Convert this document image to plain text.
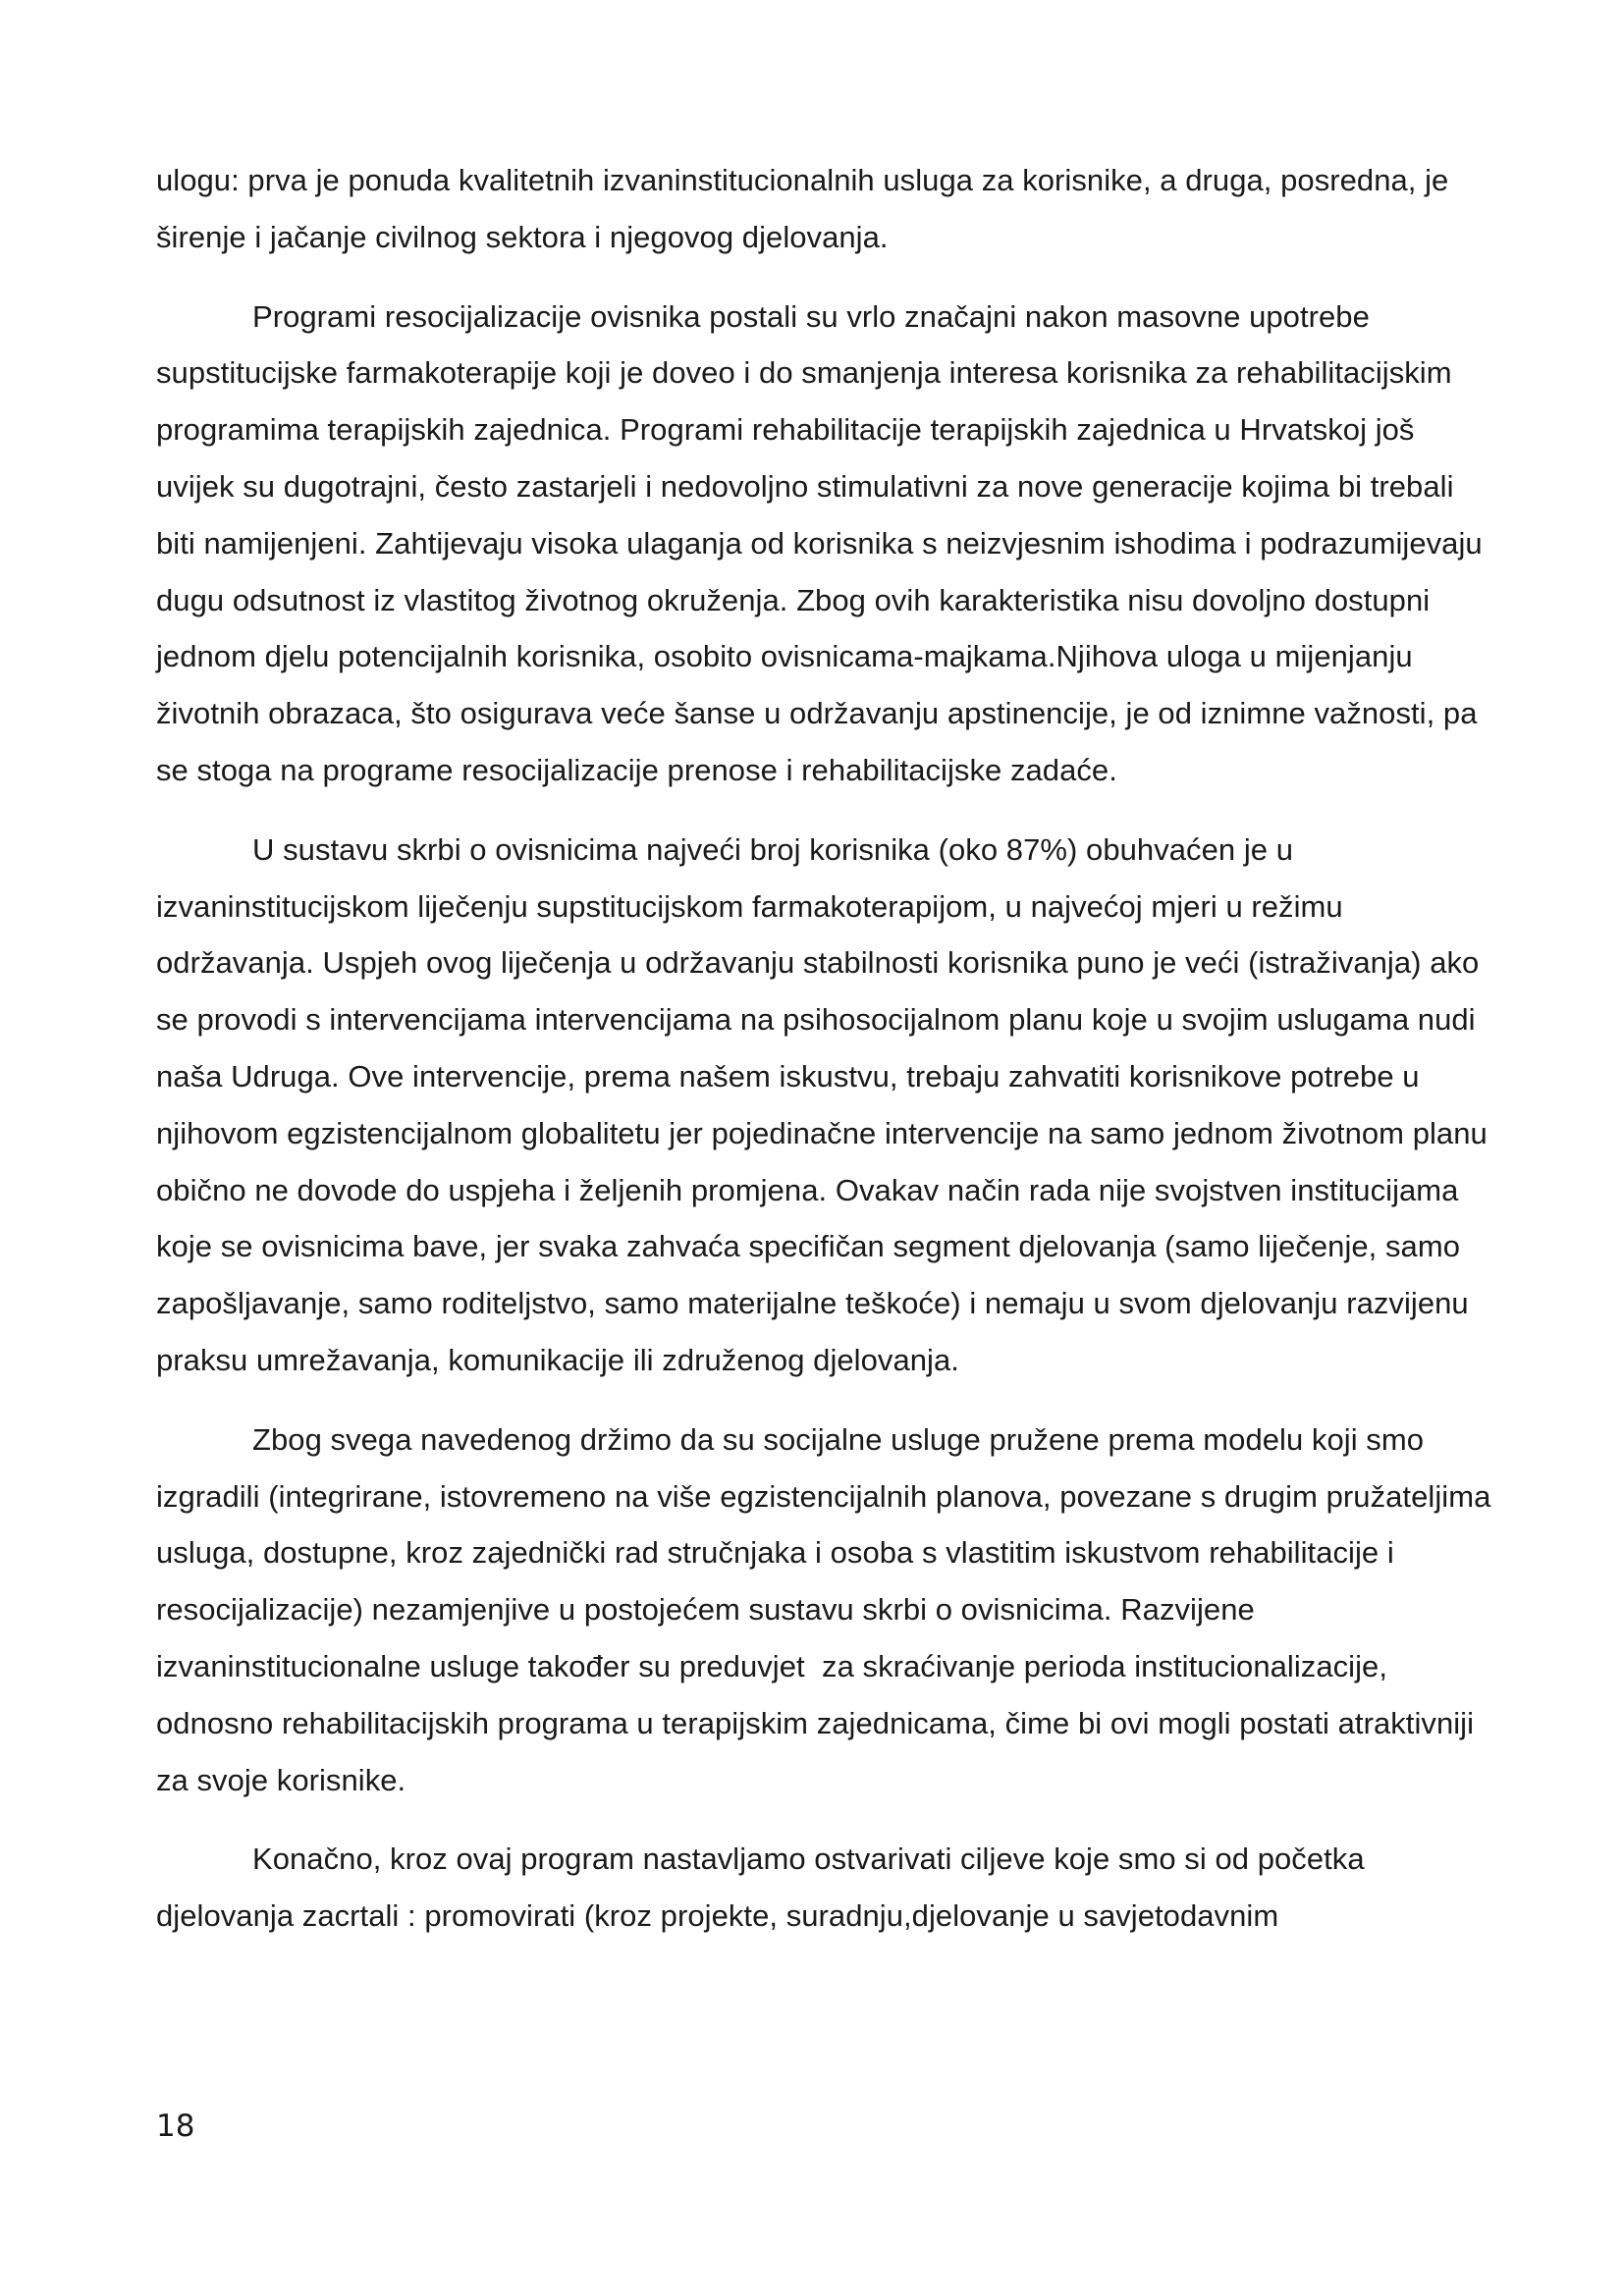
ulogu: prva je ponuda kvalitetnih izvaninstitucionalnih usluga za korisnike, a druga, posredna, je širenje i jačanje civilnog sektora i njegovog djelovanja.

Programi resocijalizacije ovisnika postali su vrlo značajni nakon masovne upotrebe supstitucijske farmakoterapije koji je doveo i do smanjenja interesa korisnika za rehabilitacijskim programima terapijskih zajednica. Programi rehabilitacije terapijskih zajednica u Hrvatskoj još uvijek su dugotrajni, često zastarjeli i nedovoljno stimulativni za nove generacije kojima bi trebali biti namijenjeni. Zahtijevaju visoka ulaganja od korisnika s neizvjesnim ishodima i podrazumijevaju dugu odsutnost iz vlastitog životnog okruženja. Zbog ovih karakteristika nisu dovoljno dostupni jednom djelu potencijalnih korisnika, osobito ovisnicama-majkama.Njihova uloga u mijenjanju životnih obrazaca, što osigurava veće šanse u održavanju apstinencije, je od iznimne važnosti, pa se stoga na programe resocijalizacije prenose i rehabilitacijske zadaće.

U sustavu skrbi o ovisnicima najveći broj korisnika (oko 87%) obuhvaćen je u izvaninstitucijskom liječenju supstitucijskom farmakoterapijom, u najvećoj mjeri u režimu održavanja. Uspjeh ovog liječenja u održavanju stabilnosti korisnika puno je veći (istraživanja) ako se provodi s intervencijama intervencijama na psihosocijalnom planu koje u svojim uslugama nudi naša Udruga. Ove intervencije, prema našem iskustvu, trebaju zahvatiti korisnikove potrebe u njihovom egzistencijalnom globalitetu jer pojedinačne intervencije na samo jednom životnom planu obično ne dovode do uspjeha i željenih promjena. Ovakav način rada nije svojstven institucijama koje se ovisnicima bave, jer svaka zahvaća specifičan segment djelovanja (samo liječenje, samo zapošljavanje, samo roditeljstvo, samo materijalne teškoće) i nemaju u svom djelovanju razvijenu praksu umrežavanja, komunikacije ili združenog djelovanja.

Zbog svega navedenog držimo da su socijalne usluge pružene prema modelu koji smo izgradili (integrirane, istovremeno na više egzistencijalnih planova, povezane s drugim pružateljima usluga, dostupne, kroz zajednički rad stručnjaka i osoba s vlastitim iskustvom rehabilitacije i resocijalizacije) nezamjenjive u postojećem sustavu skrbi o ovisnicima. Razvijene izvaninstitucionalne usluge također su preduvjet  za skraćivanje perioda institucionalizacije, odnosno rehabilitacijskih programa u terapijskim zajednicama, čime bi ovi mogli postati atraktivniji za svoje korisnike.

Konačno, kroz ovaj program nastavljamo ostvarivati ciljeve koje smo si od početka djelovanja zacrtali : promovirati (kroz projekte, suradnju,djelovanje u savjetodavnim

18
